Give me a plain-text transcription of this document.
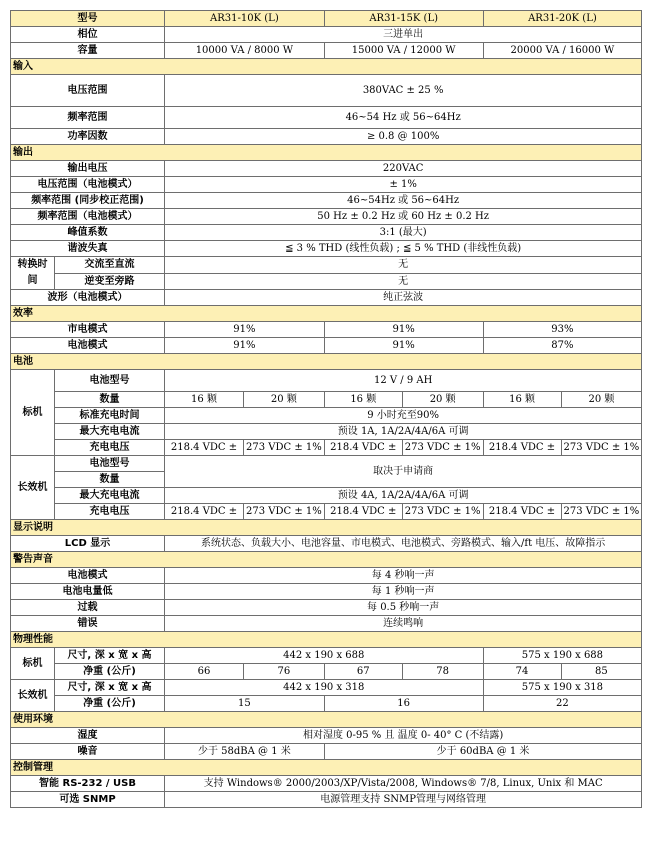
型号		AR31-10K (L)		AR31-15K (L)		AR31-20K (L)	
相位		三进单出					
容量		10000 VA / 8000 W		15000 VA / 12000 W		20000 VA / 16000 W	
输入							
电压范围		380VAC ± 25 %					
频率范围		46~54 Hz 或 56~64Hz					
功率因数		≥ 0.8 @ 100%					
输出							
输出电压		220VAC					
电压范围（电池模式）		± 1%					
频率范围 (同步校正范围)		46~54Hz 或 56~64Hz					
频率范围（电池模式）		50 Hz ± 0.2 Hz 或 60 Hz ± 0.2 Hz					
峰值系数		3:1 (最大)					
谐波失真		≦ 3 % THD (线性负载) ; ≦ 5 % THD (非线性负载)					
转换时间	交流至直流	无					
	逆变至旁路	无					
波形（电池模式）		纯正弦波					
效率							
市电模式		91%		91%		93%	
电池模式		91%		91%		87%	
电池							
标机	电池型号	12 V / 9 AH					
	数量	16 颗	20 颗	16 颗	20 颗	16 颗	20 颗
	标准充电时间	9 小时充至90%					
	最大充电电流	预设 1A, 1A/2A/4A/6A 可调					
	充电电压	218.4 VDC ±	273 VDC ± 1%	218.4 VDC ±	273 VDC ± 1%	218.4 VDC ±	273 VDC ± 1%
长效机	电池型号	取决于申请商					
	数量						
	最大充电电流	预设 4A, 1A/2A/4A/6A 可调					
	充电电压	218.4 VDC ±	273 VDC ± 1%	218.4 VDC ±	273 VDC ± 1%	218.4 VDC ±	273 VDC ± 1%
显示说明							
LCD 显示		系统状态、负载大小、电池容量、市电模式、电池模式、旁路模式、输入/ft 电压、故障指示					
警告声音							
电池模式		每 4 秒响一声					
电池电量低		每 1 秒响一声					
过载		每 0.5 秒响一声					
错误		连续鸣响					
物理性能							
标机	尺寸, 深 x 宽 x 高	442 x 190 x 688				575 x 190 x 688	
	净重 (公斤)	66	76	67	78	74	85
长效机	尺寸, 深 x 宽 x 高	442 x 190 x 318				575 x 190 x 318	
	净重 (公斤)	15		16		22	
使用环境							
湿度		相对湿度 0-95 % 且 温度 0- 40° C (不结露)					
噪音		少于 58dBA @ 1 米		少于 60dBA @ 1 米			
控制管理							
智能 RS-232 / USB		支持 Windows® 2000/2003/XP/Vista/2008, Windows® 7/8, Linux, Unix 和 MAC					
可选 SNMP		电源管理支持 SNMP管理与网络管理					
